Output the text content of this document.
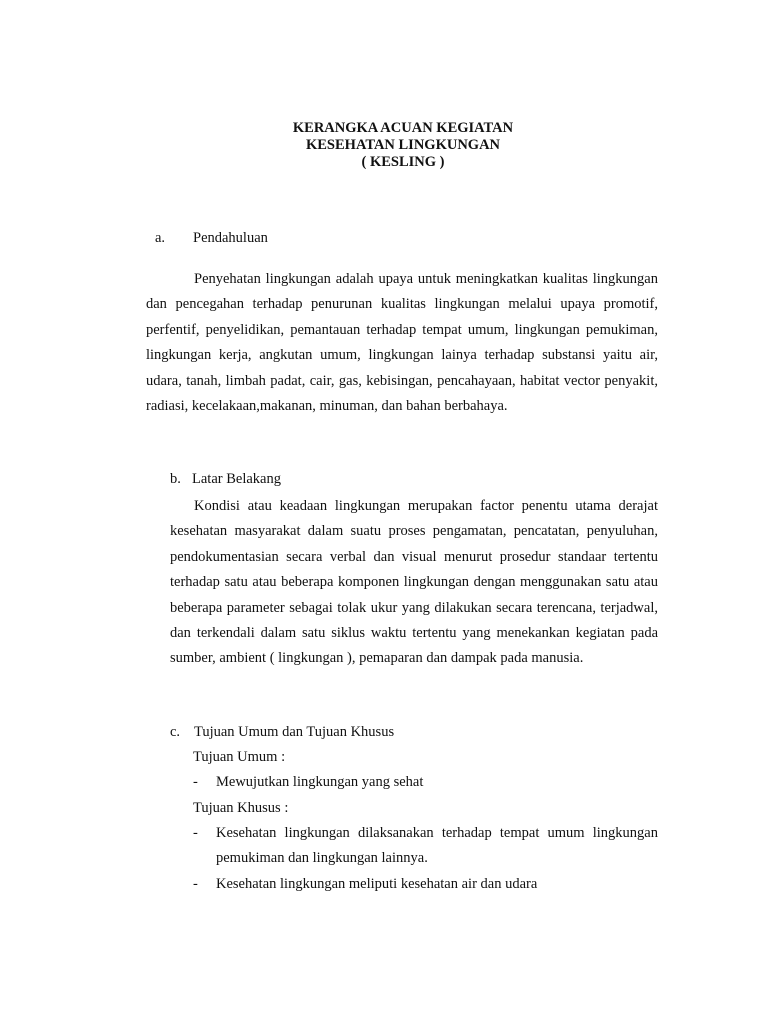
KERANGKA ACUAN KEGIATAN
KESEHATAN LINGKUNGAN
( KESLING )
a. Pendahuluan

Penyehatan lingkungan adalah upaya untuk meningkatkan kualitas lingkungan dan pencegahan terhadap penurunan kualitas lingkungan melalui upaya promotif, perfentif, penyelidikan, pemantauan terhadap tempat umum, lingkungan pemukiman, lingkungan kerja, angkutan umum, lingkungan lainya terhadap substansi yaitu air, udara, tanah, limbah padat, cair, gas, kebisingan, pencahayaan, habitat vector penyakit, radiasi, kecelakaan,makanan, minuman, dan bahan berbahaya.

b. Latar Belakang

Kondisi atau keadaan lingkungan merupakan factor penentu utama derajat kesehatan masyarakat dalam suatu proses pengamatan, pencatatan, penyuluhan, pendokumentasian secara verbal dan visual menurut prosedur standaar tertentu terhadap satu atau beberapa komponen lingkungan dengan menggunakan satu atau beberapa parameter sebagai tolak ukur yang dilakukan secara terencana, terjadwal, dan terkendali dalam satu siklus waktu tertentu yang menekankan kegiatan pada sumber, ambient ( lingkungan ), pemaparan dan dampak pada manusia.

c. Tujuan Umum dan Tujuan Khusus
Tujuan Umum :
- Mewujutkan lingkungan yang sehat
Tujuan Khusus :
- Kesehatan lingkungan dilaksanakan terhadap tempat umum lingkungan pemukiman dan lingkungan lainnya.
- Kesehatan lingkungan meliputi kesehatan air dan udara
